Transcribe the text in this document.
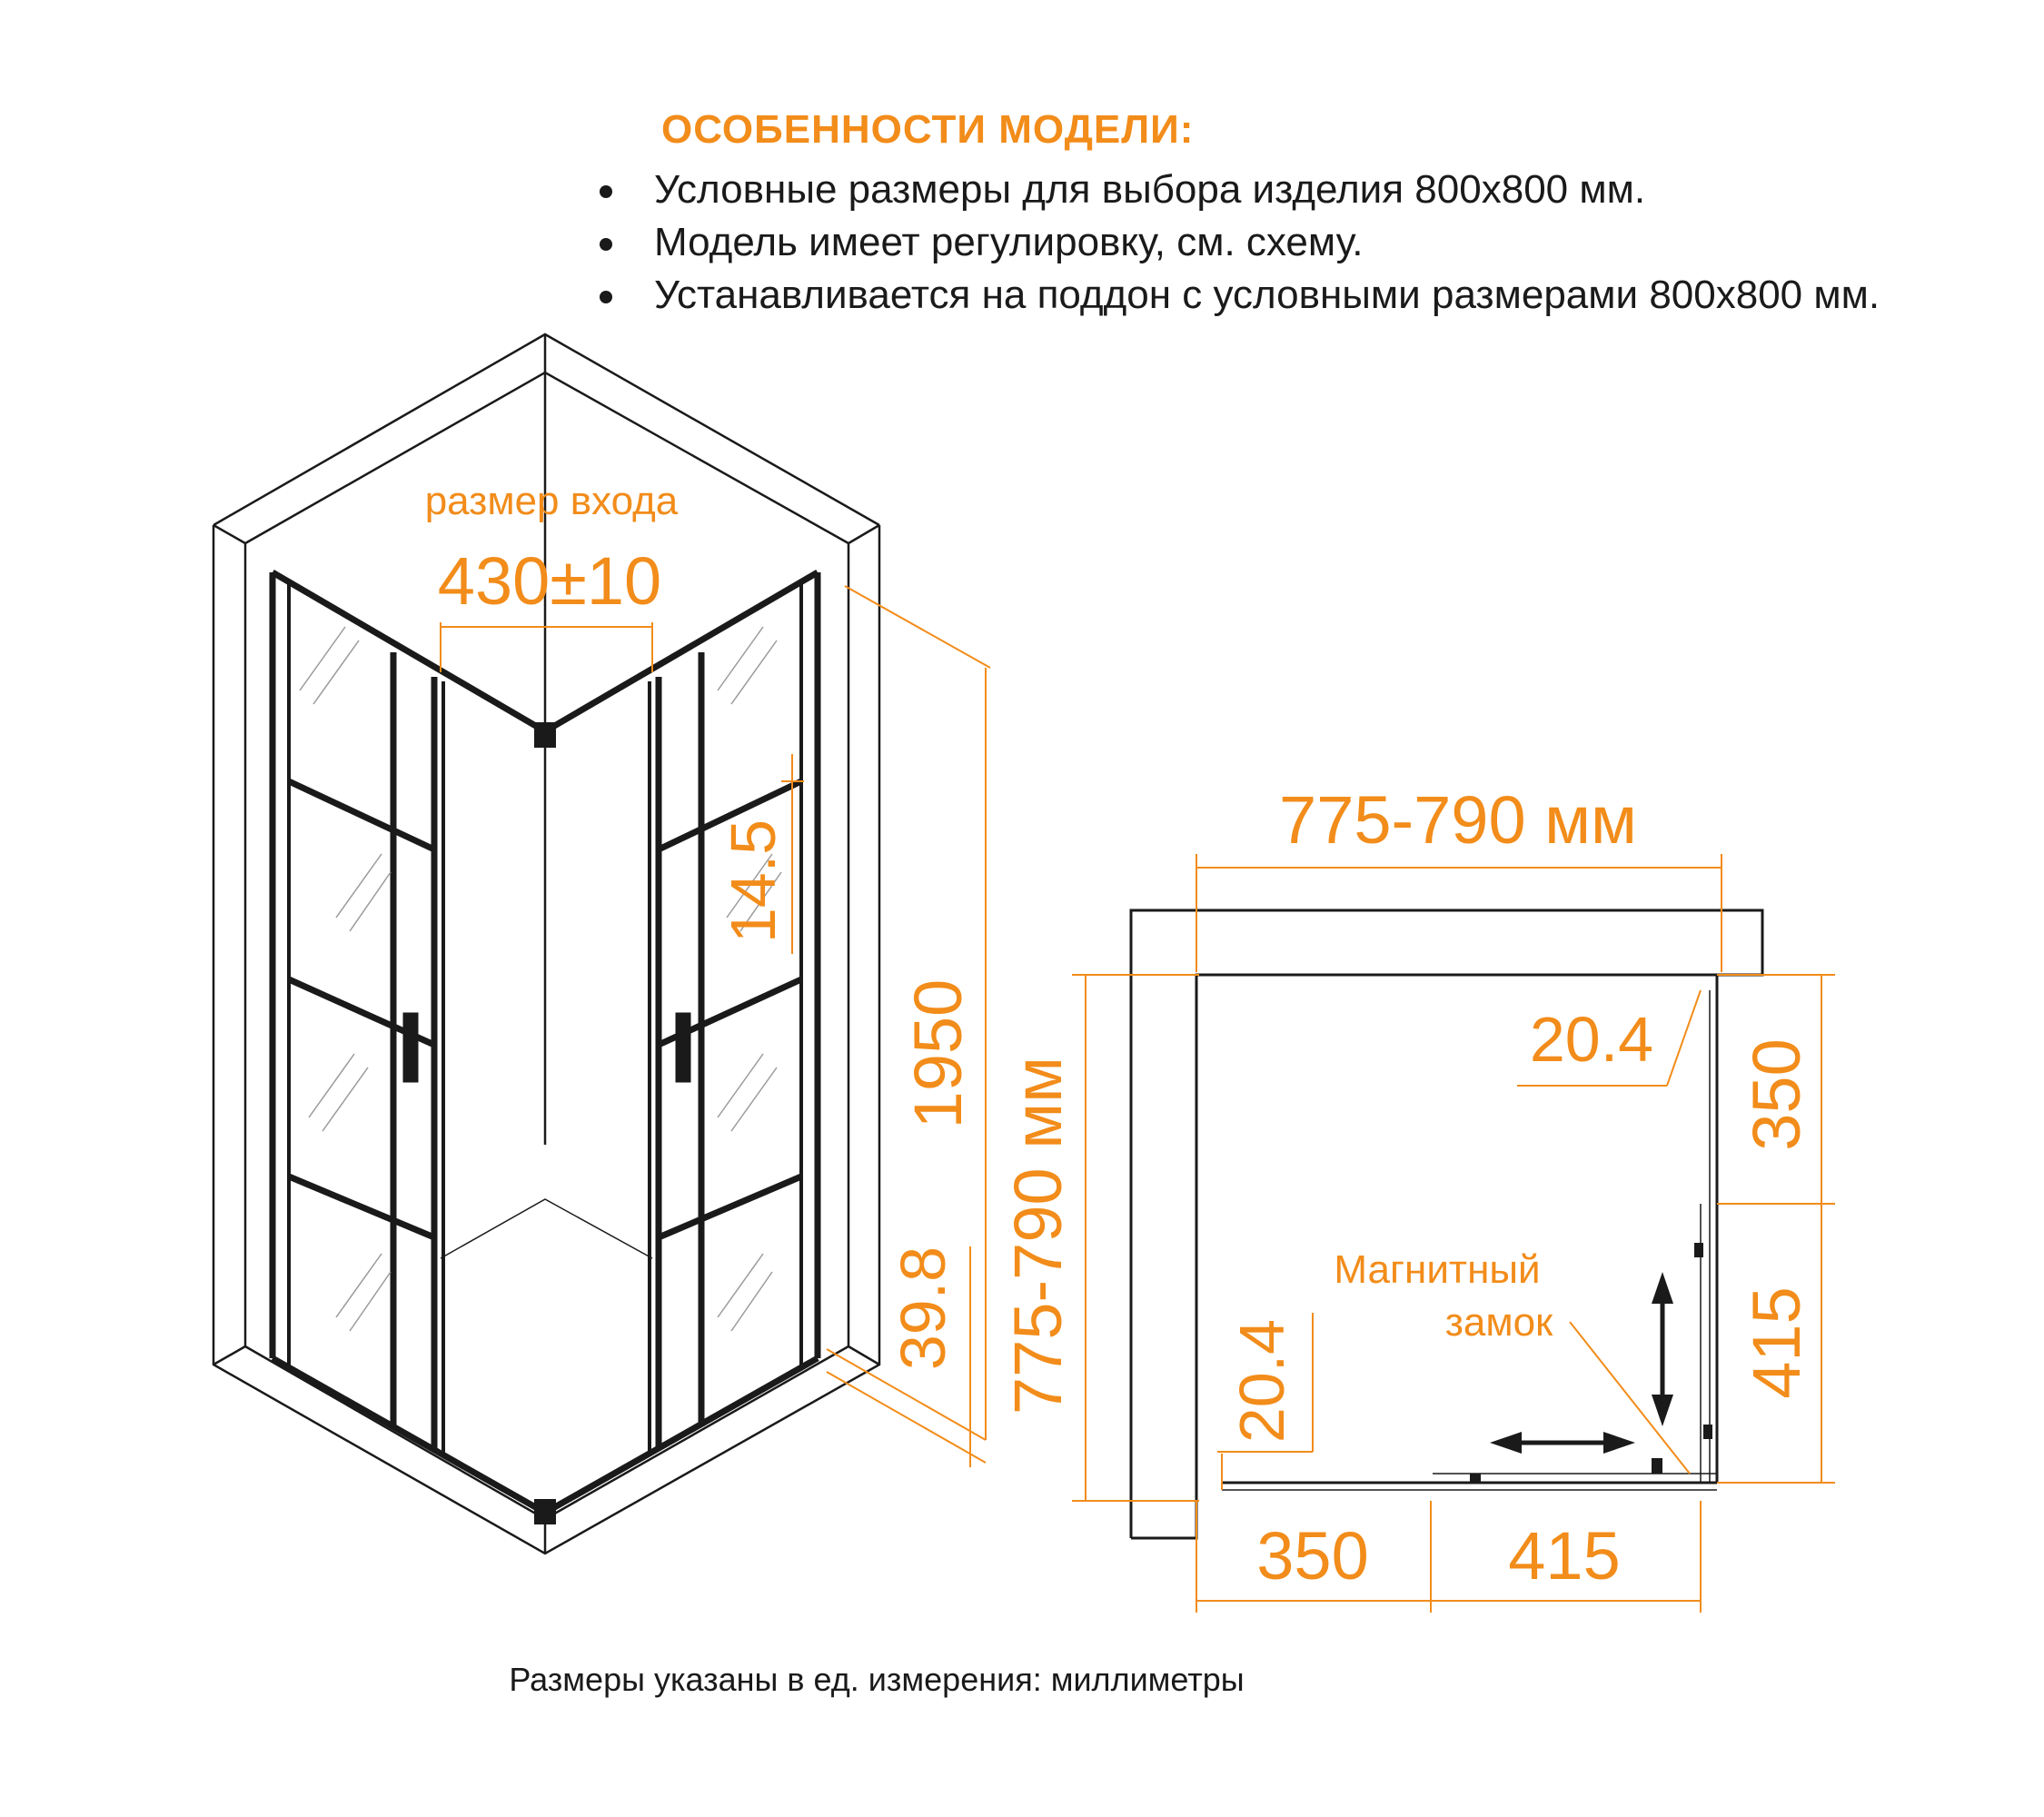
ОСОБЕННОСТИ МОДЕЛИ:
Условные размеры для выбора изделия 800х800 мм.
Модель имеет регулировку, см. схему.
Устанавливается на поддон с условными размерами 800х800 мм.
размер входа
430±10
1950
14.5
39.8
775-790 мм
775-790 мм
20.4 350
415
20.4
350 415
Магнитный
замок
Размеры указаны в ед. измерения: миллиметры
